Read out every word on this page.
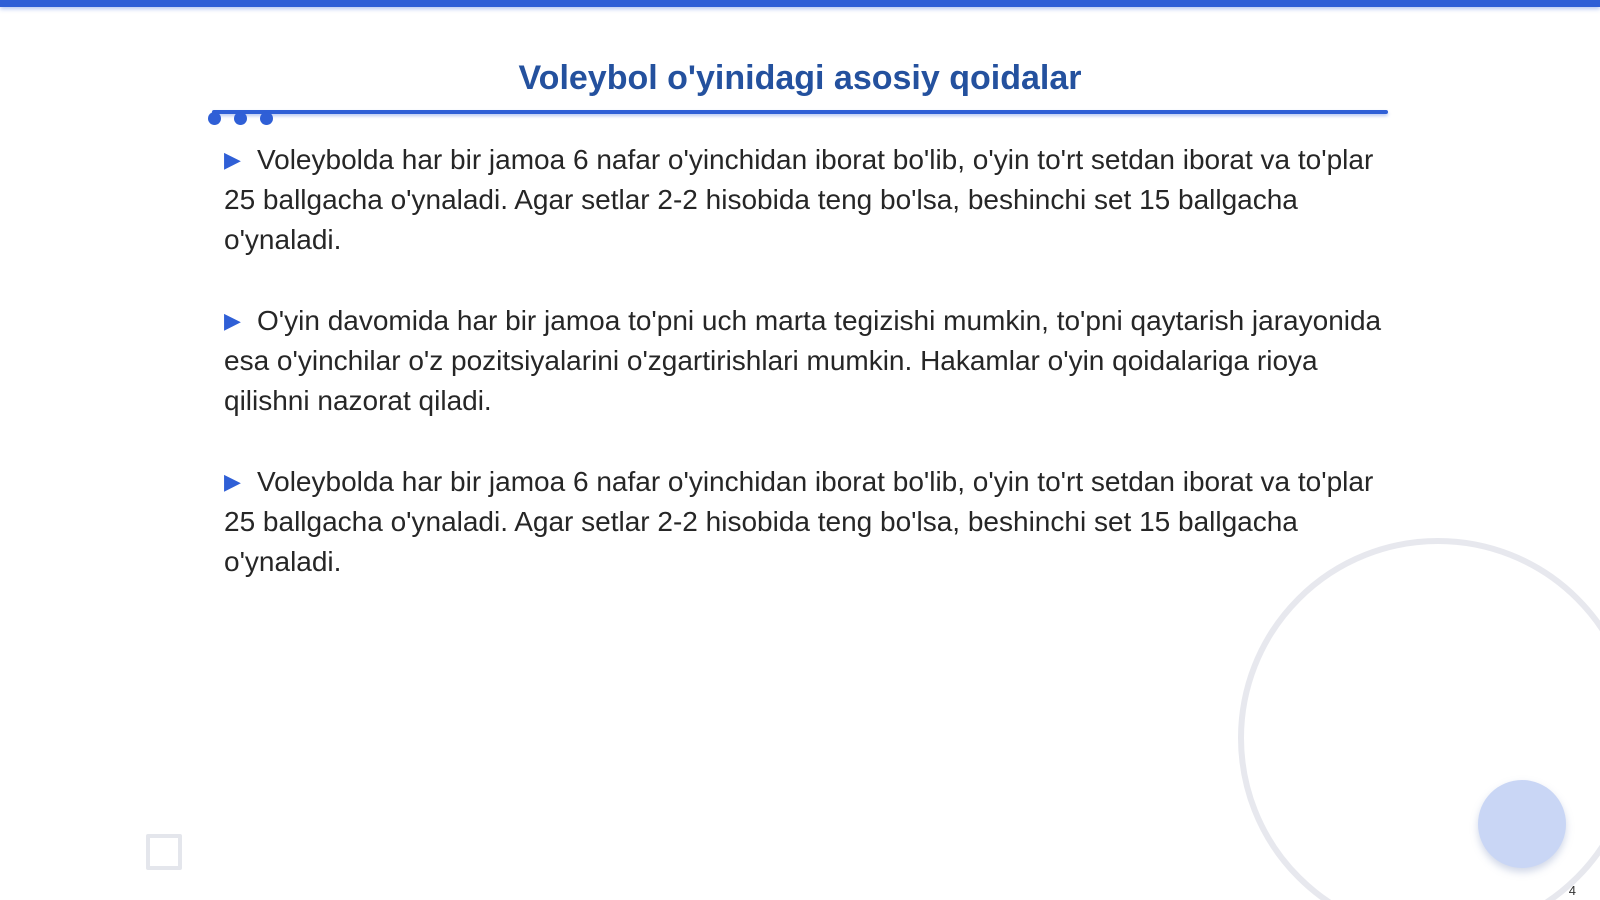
Voleybol o'yinidagi asosiy qoidalar

▶ Voleybolda har bir jamoa 6 nafar o'yinchidan iborat bo'lib, o'yin to'rt setdan iborat va to'plar 25 ballgacha o'ynaladi. Agar setlar 2-2 hisobida teng bo'lsa, beshinchi set 15 ballgacha o'ynaladi.

▶ O'yin davomida har bir jamoa to'pni uch marta tegizishi mumkin, to'pni qaytarish jarayonida esa o'yinchilar o'z pozitsiyalarini o'zgartirishlari mumkin. Hakamlar o'yin qoidalariga rioya qilishni nazorat qiladi.

▶ Voleybolda har bir jamoa 6 nafar o'yinchidan iborat bo'lib, o'yin to'rt setdan iborat va to'plar 25 ballgacha o'ynaladi. Agar setlar 2-2 hisobida teng bo'lsa, beshinchi set 15 ballgacha o'ynaladi.

4
